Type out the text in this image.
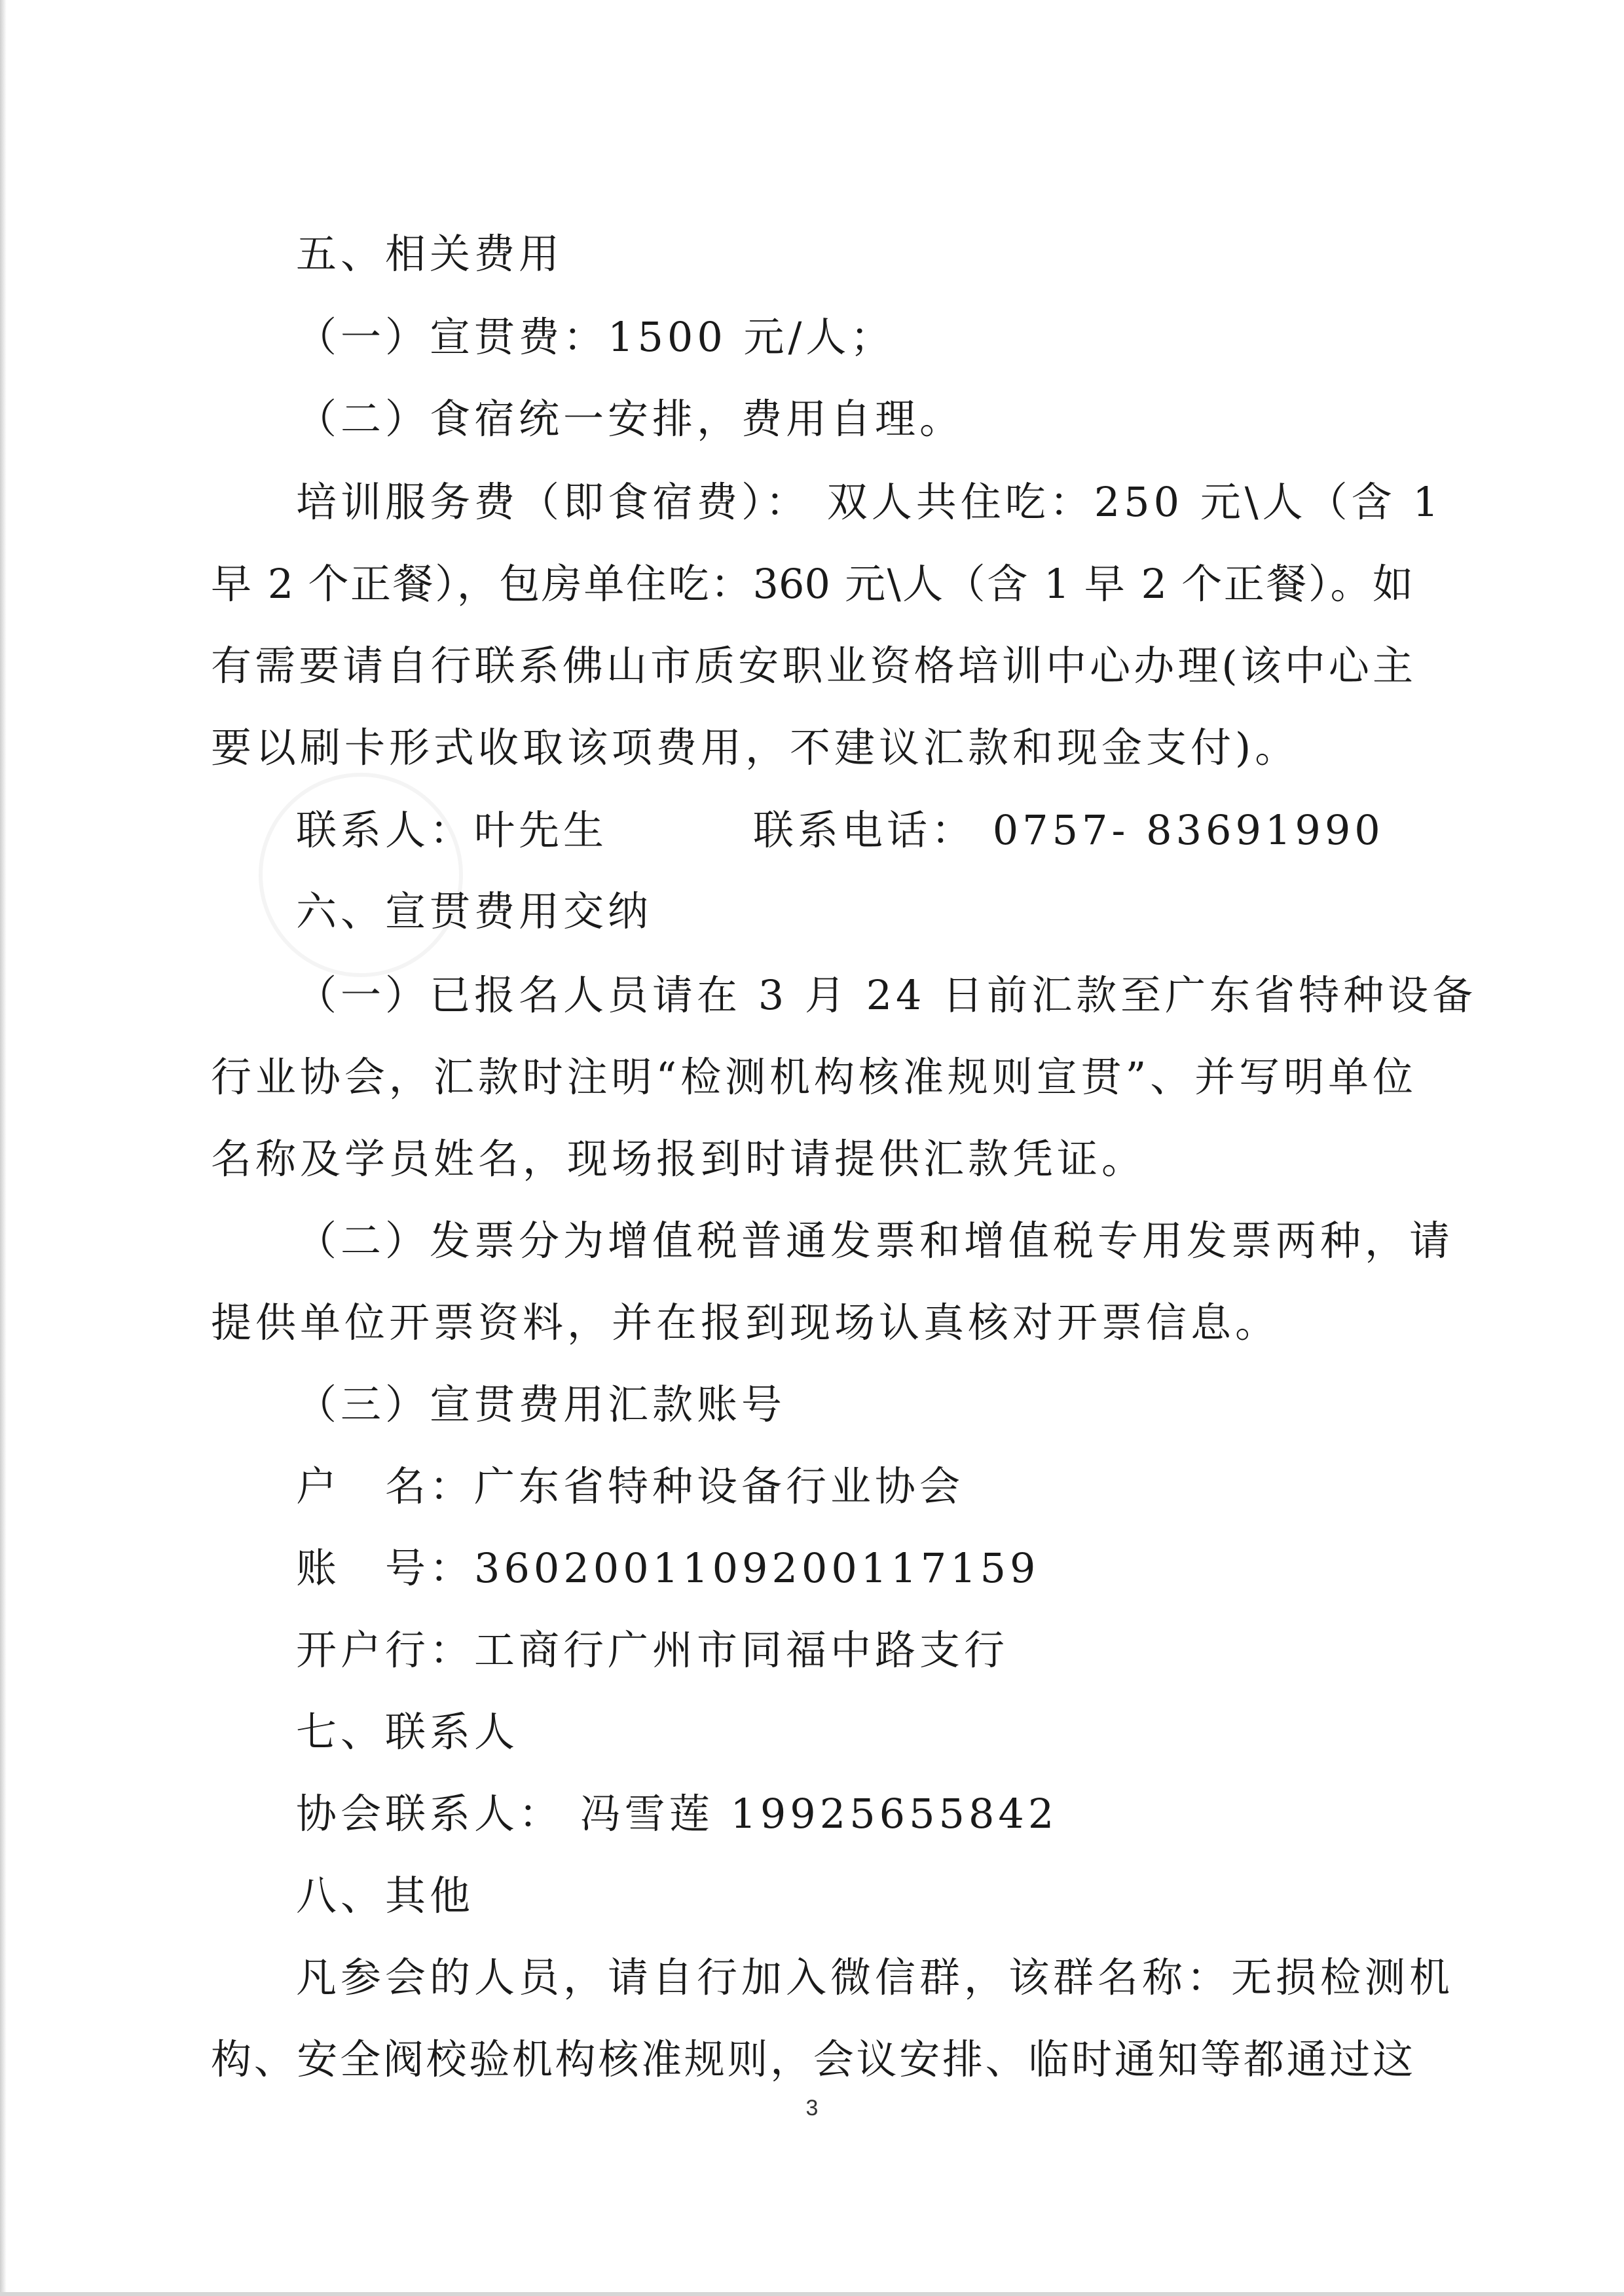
五、相关费用
（一）宣贯费：1500 元/人；
（二）食宿统一安排，费用自理。
培训服务费（即食宿费）： 双人共住吃：250 元\人（含 1
早 2 个正餐），包房单住吃：360 元\人（含 1 早 2 个正餐）。如
有需要请自行联系佛山市质安职业资格培训中心办理(该中心主
要以刷卡形式收取该项费用，不建议汇款和现金支付)。
联系人：叶先生	联系电话： 0757- 83691990
六、宣贯费用交纳
（一）已报名人员请在 3 月 24 日前汇款至广东省特种设备
行业协会，汇款时注明“检测机构核准规则宣贯”、并写明单位
名称及学员姓名，现场报到时请提供汇款凭证。
（二）发票分为增值税普通发票和增值税专用发票两种，请
提供单位开票资料，并在报到现场认真核对开票信息。
（三）宣贯费用汇款账号
户　名：广东省特种设备行业协会
账　号：3602001109200117159
开户行：工商行广州市同福中路支行
七、联系人
协会联系人： 冯雪莲 19925655842
八、其他
凡参会的人员，请自行加入微信群，该群名称：无损检测机
构、安全阀校验机构核准规则，会议安排、临时通知等都通过这
3
